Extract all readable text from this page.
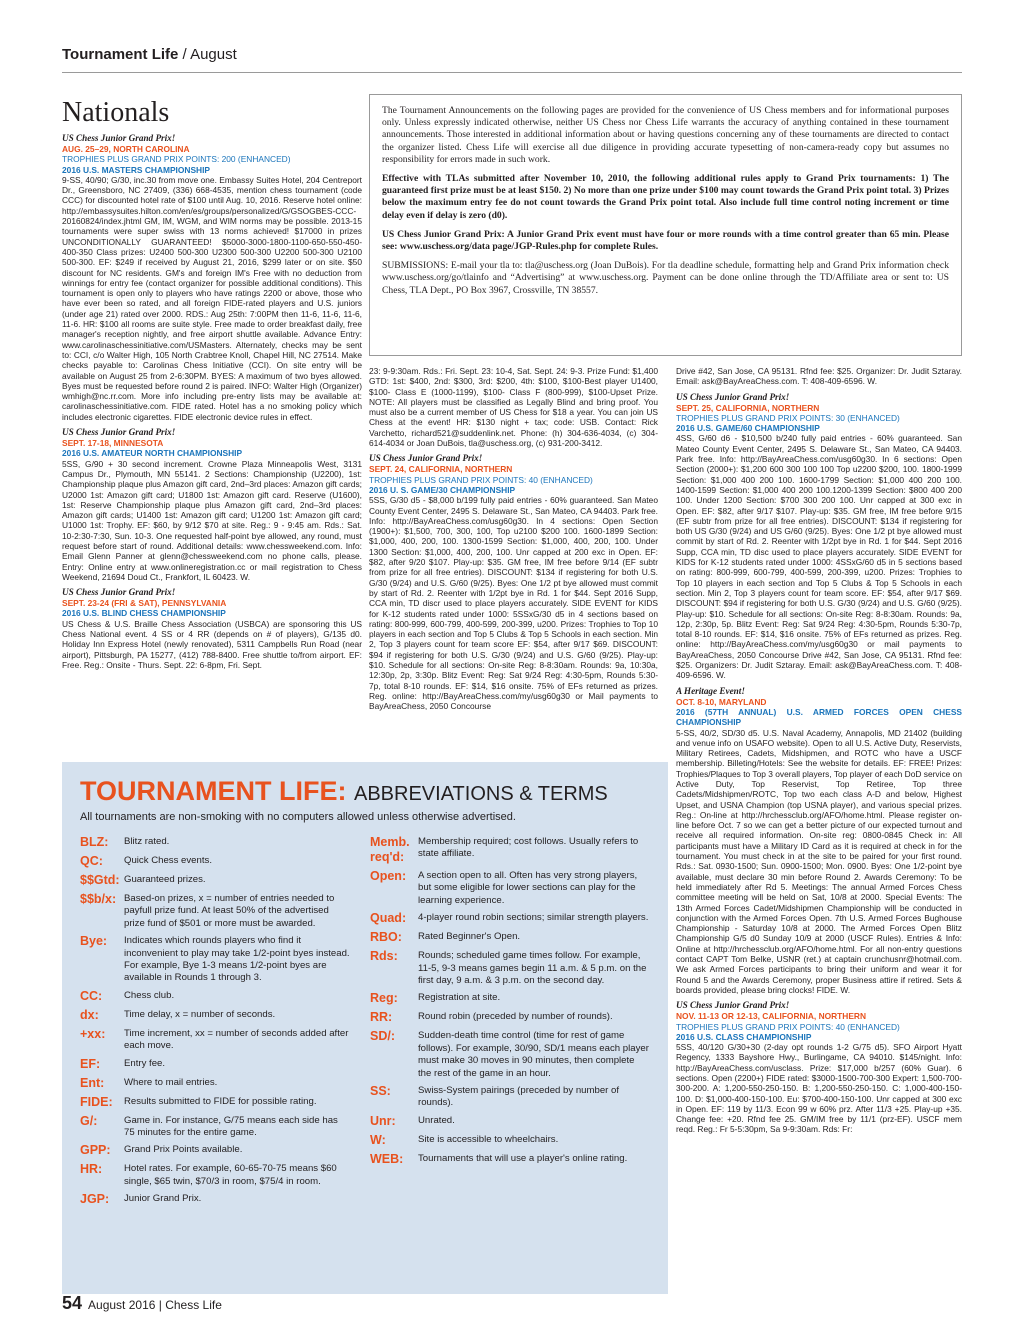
Tournament Life / August
Nationals
US Chess Junior Grand Prix!
AUG. 25–29, NORTH CAROLINA
TROPHIES PLUS GRAND PRIX POINTS: 200 (ENHANCED)
2016 U.S. MASTERS CHAMPIONSHIP
9-SS, 40/90; G/30, inc.30 from move one. Embassy Suites Hotel, 204 Centreport Dr., Greensboro, NC 27409, (336) 668-4535, mention chess tournament (code CCC) for discounted hotel rate of $100 until Aug. 10, 2016. Reserve hotel online: http://embassysuites.hilton.com/en/es/groups/personalized/G/GSOGBES-CCC-20160824/index.jhtml GM, IM, WGM, and WIM norms may be possible. 2013-15 tournaments were super swiss with 13 norms achieved! $17000 in prizes UNCONDITIONALLY GUARANTEED! $5000-3000-1800-1100-650-550-450-400-350 Class prizes: U2400 500-300 U2300 500-300 U2200 500-300 U2100 500-300. EF: $249 if received by August 21, 2016, $299 later or on site. $50 discount for NC residents. GM's and foreign IM's Free with no deduction from winnings for entry fee (contact organizer for possible additional conditions). This tournament is open only to players who have ratings 2200 or above, those who have ever been so rated, and all foreign FIDE-rated players and U.S. juniors (under age 21) rated over 2000. RDS.: Aug 25th: 7:00PM then 11-6, 11-6, 11-6, 11-6. HR: $100 all rooms are suite style. Free made to order breakfast daily, free manager's reception nightly, and free airport shuttle available. Advance Entry: www.carolinaschessinitiative.com/USMasters. Alternately, checks may be sent to: CCI, c/o Walter High, 105 North Crabtree Knoll, Chapel Hill, NC 27514. Make checks payable to: Carolinas Chess Initiative (CCI). On site entry will be available on August 25 from 2-6:30PM. BYES: A maximum of two byes allowed. Byes must be requested before round 2 is paired. INFO: Walter High (Organizer) wmhigh@nc.rr.com. More info including pre-entry lists may be available at: carolinaschessinitiative.com. FIDE rated. Hotel has a no smoking policy which includes electronic cigarettes. FIDE electronic device rules in effect.
US Chess Junior Grand Prix!
SEPT. 17-18, MINNESOTA
2016 U.S. AMATEUR NORTH CHAMPIONSHIP
5SS, G/90 + 30 second increment. Crowne Plaza Minneapolis West, 3131 Campus Dr., Plymouth, MN 55141. 2 Sections: Championship (U2200), 1st: Championship plaque plus Amazon gift card, 2nd–3rd places: Amazon gift cards; U2000 1st: Amazon gift card; U1800 1st: Amazon gift card. Reserve (U1600), 1st: Reserve Championship plaque plus Amazon gift card, 2nd–3rd places: Amazon gift cards; U1400 1st: Amazon gift card; U1200 1st: Amazon gift card; U1000 1st: Trophy. EF: $60, by 9/12 $70 at site. Reg.: 9 - 9:45 am. Rds.: Sat. 10-2:30-7:30, Sun. 10-3. One requested half-point bye allowed, any round, must request before start of round. Additional details: www.chessweekend.com. Info: Email Glenn Panner at glenn@chessweekend.com no phone calls, please. Entry: Online entry at www.onlineregistration.cc or mail registration to Chess Weekend, 21694 Doud Ct., Frankfort, IL 60423. W.
US Chess Junior Grand Prix!
SEPT. 23-24 (FRI & SAT), PENNSYLVANIA
2016 U.S. BLIND CHESS CHAMPIONSHIP
US Chess & U.S. Braille Chess Association (USBCA) are sponsoring this US Chess National event. 4 SS or 4 RR (depends on # of players), G/135 d0. Holiday Inn Express Hotel (newly renovated), 5311 Campbells Run Road (near airport), Pittsburgh, PA 15277, (412) 788-8400. Free shuttle to/from airport. EF: Free. Reg.: Onsite - Thurs. Sept. 22: 6-8pm, Fri. Sept.

The Tournament Announcements on the following pages are provided for the convenience of US Chess members and for informational purposes only. Unless expressly indicated otherwise, neither US Chess nor Chess Life warrants the accuracy of anything contained in these tournament announcements. Those interested in additional information about or having questions concerning any of these tournaments are directed to contact the organizer listed. Chess Life will exercise all due diligence in providing accurate typesetting of non-camera-ready copy but assumes no responsibility for errors made in such work.

Effective with TLAs submitted after November 10, 2010, the following additional rules apply to Grand Prix tournaments: 1) The guaranteed first prize must be at least $150. 2) No more than one prize under $100 may count towards the Grand Prix point total. 3) Prizes below the maximum entry fee do not count towards the Grand Prix point total. Also include full time control noting increment or time delay even if delay is zero (d0).

US Chess Junior Grand Prix: A Junior Grand Prix event must have four or more rounds with a time control greater than 65 min. Please see: www.uschess.org/data page/JGP-Rules.php for complete Rules.

SUBMISSIONS: E-mail your tla to: tla@uschess.org (Joan DuBois). For tla deadline schedule, formatting help and Grand Prix information check www.uschess.org/go/tlainfo and “Advertising” at www.uschess.org. Payment can be done online through the TD/Affiliate area or sent to: US Chess, TLA Dept., PO Box 3967, Crossville, TN 38557.

23: 9-9:30am. Rds.: Fri. Sept. 23: 10-4, Sat. Sept. 24: 9-3. Prize Fund: $1,400 GTD: 1st: $400, 2nd: $300, 3rd: $200, 4th: $100, $100-Best player U1400, $100- Class E (1000-1199), $100- Class F (800-999), $100-Upset Prize. NOTE: All players must be classified as Legally Blind and bring proof. You must also be a current member of US Chess for $18 a year. You can join US Chess at the event! HR: $130 night + tax; code: USB. Contact: Rick Varchetto, richard521@suddenlink.net. Phone: (h) 304-636-4034, (c) 304-614-4034 or Joan DuBois, tla@uschess.org, (c) 931-200-3412.
US Chess Junior Grand Prix!
SEPT. 24, CALIFORNIA, NORTHERN
TROPHIES PLUS GRAND PRIX POINTS: 40 (ENHANCED)
2016 U. S. GAME/30 CHAMPIONSHIP
5SS, G/30 d5 - $8,000 b/199 fully paid entries - 60% guaranteed. San Mateo County Event Center, 2495 S. Delaware St., San Mateo, CA 94403. Park free. Info: http://BayAreaChess.com/usg60g30. In 4 sections: Open Section (1900+): $1,500, 700, 300, 100, Top u2100 $200 100. 1600-1899 Section: $1,000, 400, 200, 100. 1300-1599 Section: $1,000, 400, 200, 100. Under 1300 Section: $1,000, 400, 200, 100. Unr capped at 200 exc in Open. EF: $82, after 9/20 $107. Play-up: $35. GM free, IM free before 9/14 (EF subtr from prize for all free entries). DISCOUNT: $134 if registering for both U.S. G/30 (9/24) and U.S. G/60 (9/25). Byes: One 1/2 pt bye allowed must commit by start of Rd. 2. Reenter with 1/2pt bye in Rd. 1 for $44. Sept 2016 Supp, CCA min, TD discr used to place players accurately. SIDE EVENT for KIDS for K-12 students rated under 1000: 5SSxG/30 d5 in 4 sections based on rating: 800-999, 600-799, 400-599, 200-399, u200. Prizes: Trophies to Top 10 players in each section and Top 5 Clubs & Top 5 Schools in each section. Min 2, Top 3 players count for team score EF: $54, after 9/17 $69. DISCOUNT: $94 if registering for both U.S. G/30 (9/24) and U.S. G/60 (9/25). Play-up: $10. Schedule for all sections: On-site Reg: 8-8:30am. Rounds: 9a, 10:30a, 12:30p, 2p, 3:30p. Blitz Event: Reg: Sat 9/24 Reg: 4:30-5pm, Rounds 5:30-7p, total 8-10 rounds. EF: $14, $16 onsite. 75% of EFs returned as prizes. Reg. online: http://BayAreaChess.com/my/usg60g30 or Mail payments to BayAreaChess, 2050 Concourse
Drive #42, San Jose, CA 95131. Rfnd fee: $25. Organizer: Dr. Judit Sztaray. Email: ask@BayAreaChess.com. T: 408-409-6596. W.
US Chess Junior Grand Prix!
SEPT. 25, CALIFORNIA, NORTHERN
TROPHIES PLUS GRAND PRIX POINTS: 30 (ENHANCED)
2016 U.S. GAME/60 CHAMPIONSHIP
4SS, G/60 d6 - $10,500 b/240 fully paid entries - 60% guaranteed. San Mateo County Event Center, 2495 S. Delaware St., San Mateo, CA 94403. Park free. Info: http://BayAreaChess.com/usg60g30. In 6 sections: Open Section (2000+): $1,200 600 300 100 100 Top u2200 $200, 100. 1800-1999 Section: $1,000 400 200 100. 1600-1799 Section: $1,000 400 200 100. 1400-1599 Section: $1,000 400 200 100.1200-1399 Section: $800 400 200 100. Under 1200 Section: $700 300 200 100. Unr capped at 300 exc in Open. EF: $82, after 9/17 $107. Play-up: $35. GM free, IM free before 9/15 (EF subtr from prize for all free entries). DISCOUNT: $134 if registering for both US G/30 (9/24) and US G/60 (9/25). Byes: One 1/2 pt bye allowed must commit by start of Rd. 2. Reenter with 1/2pt bye in Rd. 1 for $44. Sept 2016 Supp, CCA min, TD disc used to place players accurately. SIDE EVENT for KIDS for K-12 students rated under 1000: 4SSxG/60 d5 in 5 sections based on rating: 800-999, 600-799, 400-599, 200-399, u200. Prizes: Trophies to Top 10 players in each section and Top 5 Clubs & Top 5 Schools in each section. Min 2, Top 3 players count for team score. EF: $54, after 9/17 $69. DISCOUNT: $94 if registering for both U.S. G/30 (9/24) and U.S. G/60 (9/25). Play-up: $10. Schedule for all sections: On-site Reg: 8-8:30am. Rounds: 9a, 12p, 2:30p, 5p. Blitz Event: Reg: Sat 9/24 Reg: 4:30-5pm, Rounds 5:30-7p, total 8-10 rounds. EF: $14, $16 onsite. 75% of EFs returned as prizes. Reg. online: http://BayAreaChess.com/my/usg60g30 or mail payments to BayAreaChess, 2050 Concourse Drive #42, San Jose, CA 95131. Rfnd fee: $25. Organizers: Dr. Judit Sztaray. Email: ask@BayAreaChess.com. T: 408-409-6596. W.
A Heritage Event!
OCT. 8-10, MARYLAND
2016 (57TH ANNUAL) U.S. ARMED FORCES OPEN CHESS CHAMPIONSHIP
5-SS, 40/2, SD/30 d5. U.S. Naval Academy, Annapolis, MD 21402 (building and venue info on USAFO website). Open to all U.S. Active Duty, Reservists, Military Retirees, Cadets, Midshipmen, and ROTC who have a USCF membership. Billeting/Hotels: See the website for details. EF: FREE! Prizes: Trophies/Plaques to Top 3 overall players, Top player of each DoD service on Active Duty, Top Reservist, Top Retiree, Top three Cadets/Midshipmen/ROTC, Top two each class A-D and below, Highest Upset, and USNA Champion (top USNA player), and various special prizes. Reg.: On-line at http://hrchessclub.org/AFO/home.html. Please register on-line before Oct. 7 so we can get a better picture of our expected turnout and receive all required information. On-site reg: 0800-0845 Check in: All participants must have a Military ID Card as it is required at check in for the tournament. You must check in at the site to be paired for your first round. Rds.: Sat. 0930-1500; Sun. 0900-1500; Mon. 0900. Byes: One 1/2-point bye available, must declare 30 min before Round 2. Awards Ceremony: To be held immediately after Rd 5. Meetings: The annual Armed Forces Chess committee meeting will be held on Sat, 10/8 at 2000. Special Events: The 13th Armed Forces Cadet/Midshipmen Championship will be conducted in conjunction with the Armed Forces Open. 7th U.S. Armed Forces Bughouse Championship - Saturday 10/8 at 2000. The Armed Forces Open Blitz Championship G/5 d0 Sunday 10/9 at 2000 (USCF Rules). Entries & Info: Online at http://hrchessclub.org/AFO/home.html. For all non-entry questions contact CAPT Tom Belke, USNR (ret.) at captain crunchusnr@hotmail.com. We ask Armed Forces participants to bring their uniform and wear it for Round 5 and the Awards Ceremony, proper Business attire if retired. Sets & boards provided, please bring clocks! FIDE. W.
US Chess Junior Grand Prix!
NOV. 11-13 OR 12-13, CALIFORNIA, NORTHERN
TROPHIES PLUS GRAND PRIX POINTS: 40 (ENHANCED)
2016 U.S. CLASS CHAMPIONSHIP
5SS, 40/120 G/30+30 (2-day opt rounds 1-2 G/75 d5). SFO Airport Hyatt Regency, 1333 Bayshore Hwy., Burlingame, CA 94010. $145/night. Info: http://BayAreaChess.com/usclass. Prize: $17,000 b/257 (60% Guar). 6 sections. Open (2200+) FIDE rated: $3000-1500-700-300 Expert: 1,500-700-300-200. A: 1,200-550-250-150. B: 1,200-550-250-150. C: 1,000-400-150-100. D: $1,000-400-150-100. Eu: $700-400-150-100. Unr capped at 300 exc in Open. EF: 119 by 11/3. Econ 99 w 60% prz. After 11/3 +25. Play-up +35. Change fee: +20. Rfnd fee 25. GM/IM free by 11/1 (prz-EF). USCF mem reqd. Reg.: Fr 5-5:30pm, Sa 9-9:30am. Rds: Fr:
TOURNAMENT LIFE: ABBREVIATIONS & TERMS
All tournaments are non-smoking with no computers allowed unless otherwise advertised.
BLZ:	Blitz rated.
QC:	Quick Chess events.
$$Gtd: Guaranteed prizes.
$$b/x: Based-on prizes, x = number of entries needed to payfull prize fund. At least 50% of the advertised prize fund of $501 or more must be awarded.
Bye:	Indicates which rounds players who find it inconvenient to play may take 1/2-point byes instead. For example, Bye 1-3 means 1/2-point byes are available in Rounds 1 through 3.
CC:	Chess club.
dx:	Time delay, x = number of seconds.
+xx:	Time increment, xx = number of seconds added after each move.
EF:	Entry fee.
Ent:	Where to mail entries.
FIDE:	Results submitted to FIDE for possible rating.
G/:	Game in. For instance, G/75 means each side has 75 minutes for the entire game.
GPP:	Grand Prix Points available.
HR:	Hotel rates. For example, 60-65-70-75 means $60 single, $65 twin, $70/3 in room, $75/4 in room.
JGP:	Junior Grand Prix.
Memb. req'd:
Membership required; cost follows. Usually refers to state affiliate.
Open:	A section open to all. Often has very strong players, but some eligible for lower sections can play for the learning experience.
Quad:	4-player round robin sections; similar strength players.
RBO:	Rated Beginner's Open.
Rds:	Rounds; scheduled game times follow. For example, 11-5, 9-3 means games begin 11 a.m. & 5 p.m. on the first day, 9 a.m. & 3 p.m. on the second day.
Reg:	Registration at site.
RR:	Round robin (preceded by number of rounds).
SD/:	Sudden-death time control (time for rest of game follows). For example, 30/90, SD/1 means each player must make 30 moves in 90 minutes, then complete the rest of the game in an hour.
SS:	Swiss-System pairings (preceded by number of rounds).
Unr:	Unrated.
W:	Site is accessible to wheelchairs.
WEB:	Tournaments that will use a player's online rating.
54 August 2016 | Chess Life
